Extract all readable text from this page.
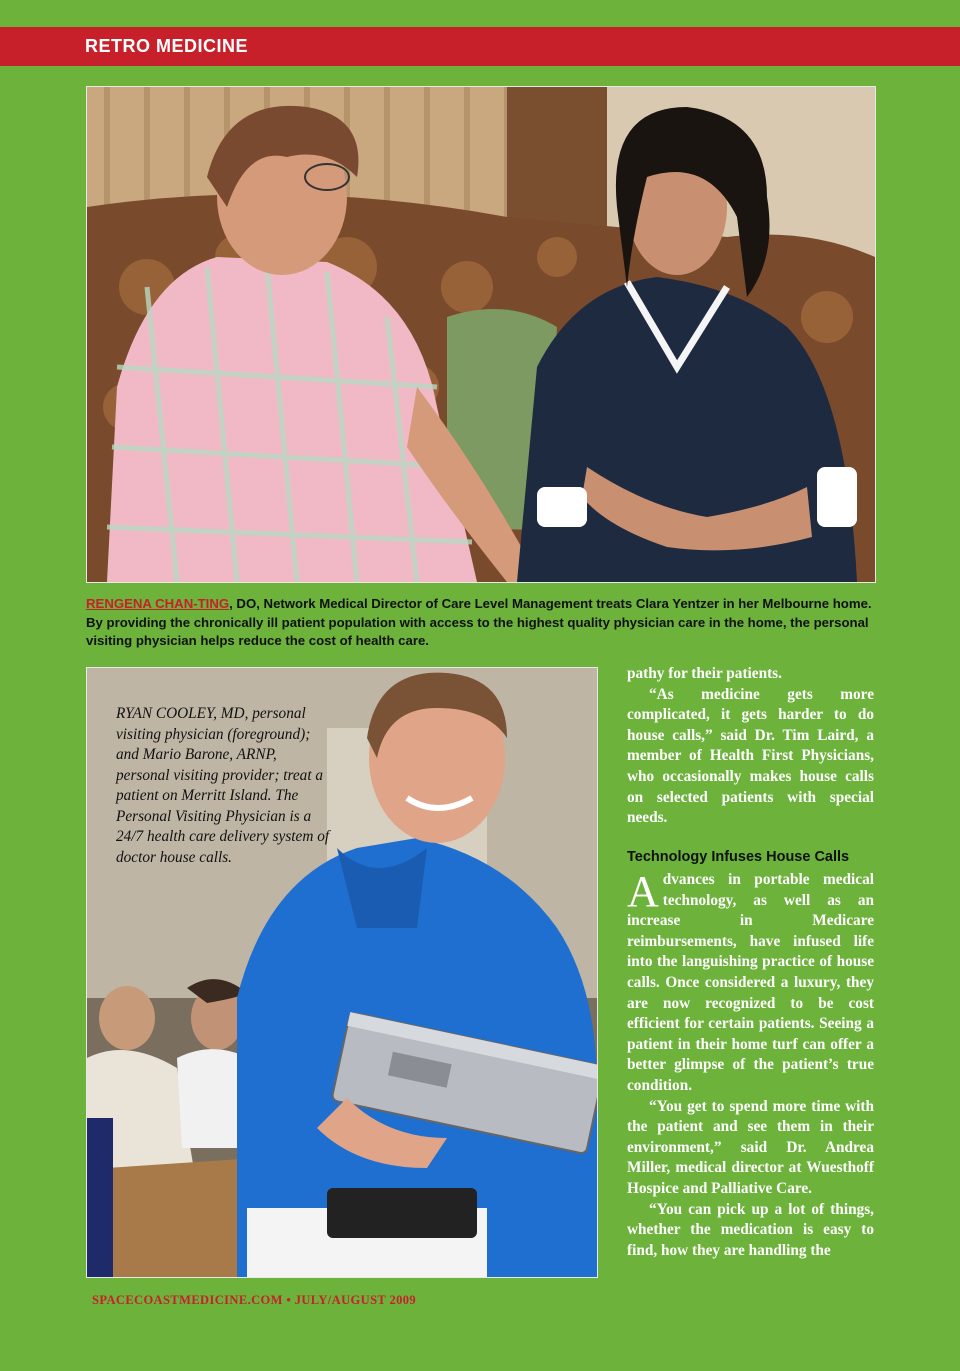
RETRO MEDICINE
RENGENA CHAN-TING, DO, Network Medical Director of Care Level Management treats Clara Yentzer in her Melbourne home. By providing the chronically ill patient population with access to the highest quality physician care in the home, the personal visiting physician helps reduce the cost of health care.
RYAN COOLEY, MD, personal visiting physician (foreground); and Mario Barone, ARNP, personal visiting provider; treat a patient on Merritt Island. The Personal Visiting Physician is a 24/7 health care delivery system of doctor house calls.

pathy for their patients.

“As medicine gets more complicated, it gets harder to do house calls,” said Dr. Tim Laird, a member of Health First Physicians, who occasionally makes house calls on selected patients with special needs.

Technology Infuses House Calls

Advances in portable medical technology, as well as an increase in Medicare reimbursements, have infused life into the languishing practice of house calls. Once considered a luxury, they are now recognized to be cost efficient for certain patients. Seeing a patient in their home turf can offer a better glimpse of the patient’s true condition.

“You get to spend more time with the patient and see them in their environment,” said Dr. Andrea Miller, medical director at Wuesthoff Hospice and Palliative Care.

“You can pick up a lot of things, whether the medication is easy to find, how they are handling the

SPACECOASTMEDICINE.COM • JULY/AUGUST 2009
